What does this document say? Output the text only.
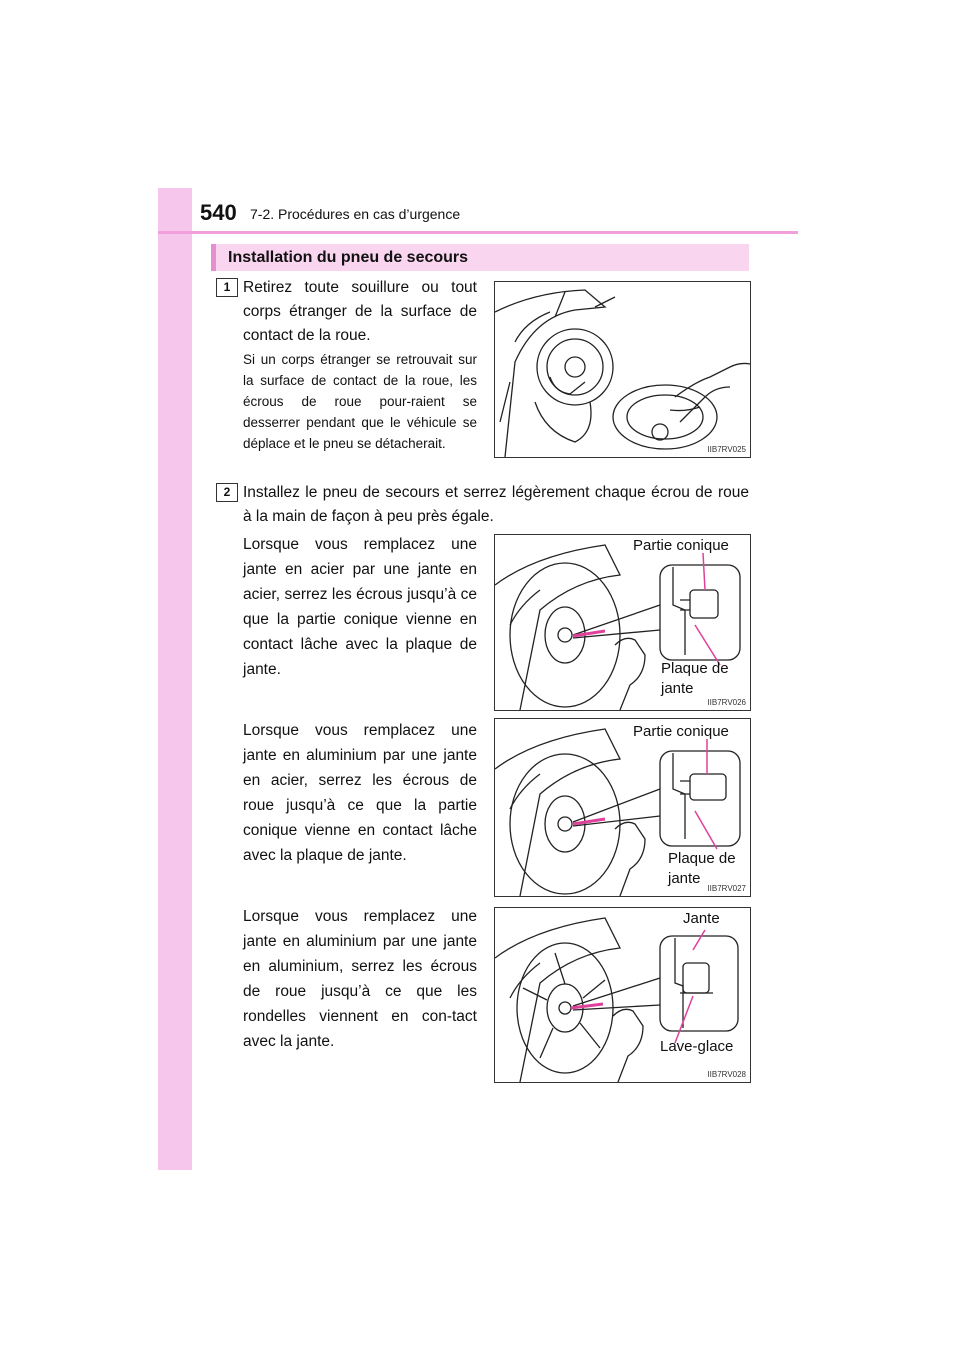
540 7-2. Procédures en cas d’urgence
Installation du pneu de secours
1 Retirez toute souillure ou tout corps étranger de la surface de contact de la roue.
Si un corps étranger se retrouvait sur la surface de contact de la roue, les écrous de roue pour-raient se desserrer pendant que le véhicule se déplace et le pneu se détacherait.	IIB7RV025
2 Installez le pneu de secours et serrez légèrement chaque écrou de roue à la main de façon à peu près égale.
Lorsque vous remplacez une jante en acier par une jante en acier, serrez les écrous jusqu’à ce que la partie conique vienne en contact lâche avec la plaque de jante.
Partie conique
Plaque de jante
IIB7RV026
Lorsque vous remplacez une jante en aluminium par une jante en acier, serrez les écrous de roue jusqu’à ce que la partie conique vienne en contact lâche avec la plaque de jante.
Partie conique
Plaque de jante
IIB7RV027
Lorsque vous remplacez une jante en aluminium par une jante en aluminium, serrez les écrous de roue jusqu’à ce que les rondelles viennent en con-tact avec la jante.
Jante
Lave-glace
IIB7RV028
